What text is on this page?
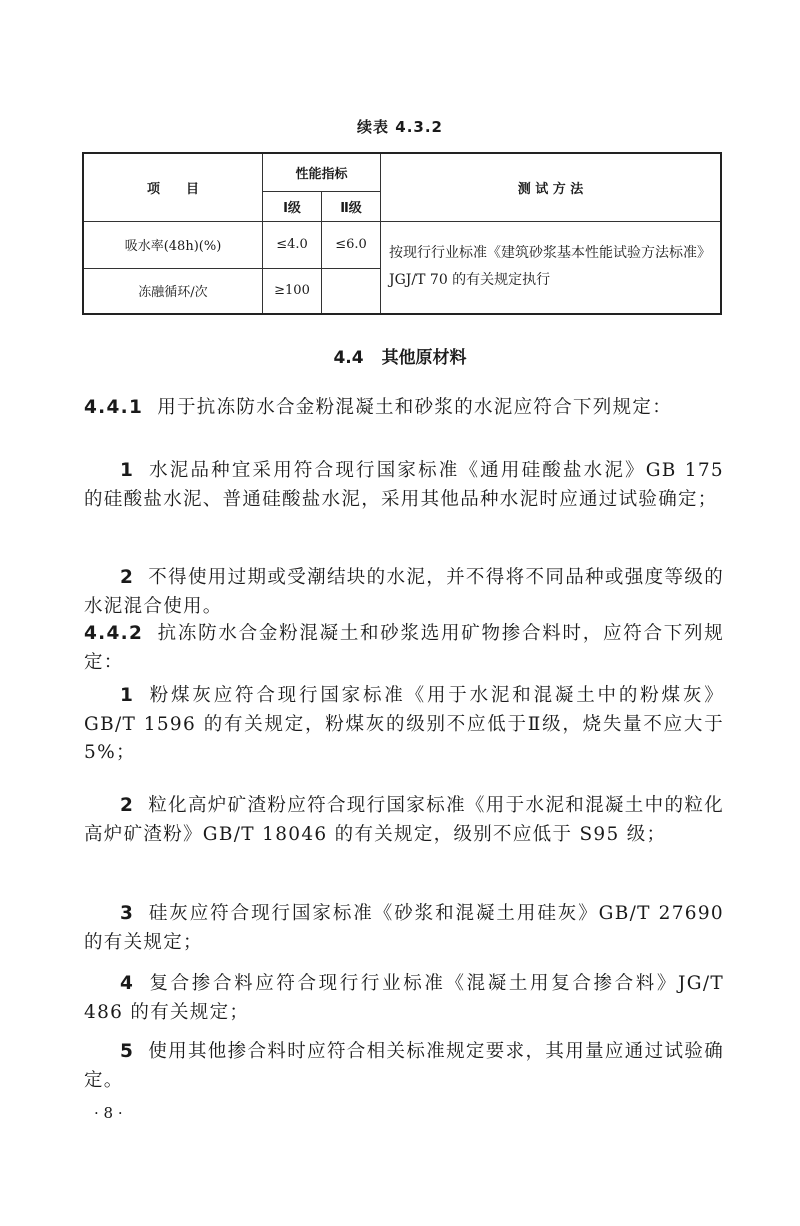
续表 4.3.2
项　　目	性能指标		测 试 方 法
	Ⅰ级	Ⅱ级	
吸水率(48h)(%)	≤4.0	≤6.0	按现行行业标准《建筑砂浆基本性能试验方法标准》JGJ/T 70 的有关规定执行
冻融循环/次	≥100		
4.4 其他原材料
4.4.1 用于抗冻防水合金粉混凝土和砂浆的水泥应符合下列规定：
1 水泥品种宜采用符合现行国家标准《通用硅酸盐水泥》GB 175 的硅酸盐水泥、普通硅酸盐水泥，采用其他品种水泥时应通过试验确定；
2 不得使用过期或受潮结块的水泥，并不得将不同品种或强度等级的水泥混合使用。
4.4.2 抗冻防水合金粉混凝土和砂浆选用矿物掺合料时，应符合下列规定：
1 粉煤灰应符合现行国家标准《用于水泥和混凝土中的粉煤灰》GB/T 1596 的有关规定，粉煤灰的级别不应低于Ⅱ级，烧失量不应大于 5%；
2 粒化高炉矿渣粉应符合现行国家标准《用于水泥和混凝土中的粒化高炉矿渣粉》GB/T 18046 的有关规定，级别不应低于 S95 级；
3 硅灰应符合现行国家标准《砂浆和混凝土用硅灰》GB/T 27690 的有关规定；
4 复合掺合料应符合现行行业标准《混凝土用复合掺合料》JG/T 486 的有关规定；
5 使用其他掺合料时应符合相关标准规定要求，其用量应通过试验确定。
· 8 ·
